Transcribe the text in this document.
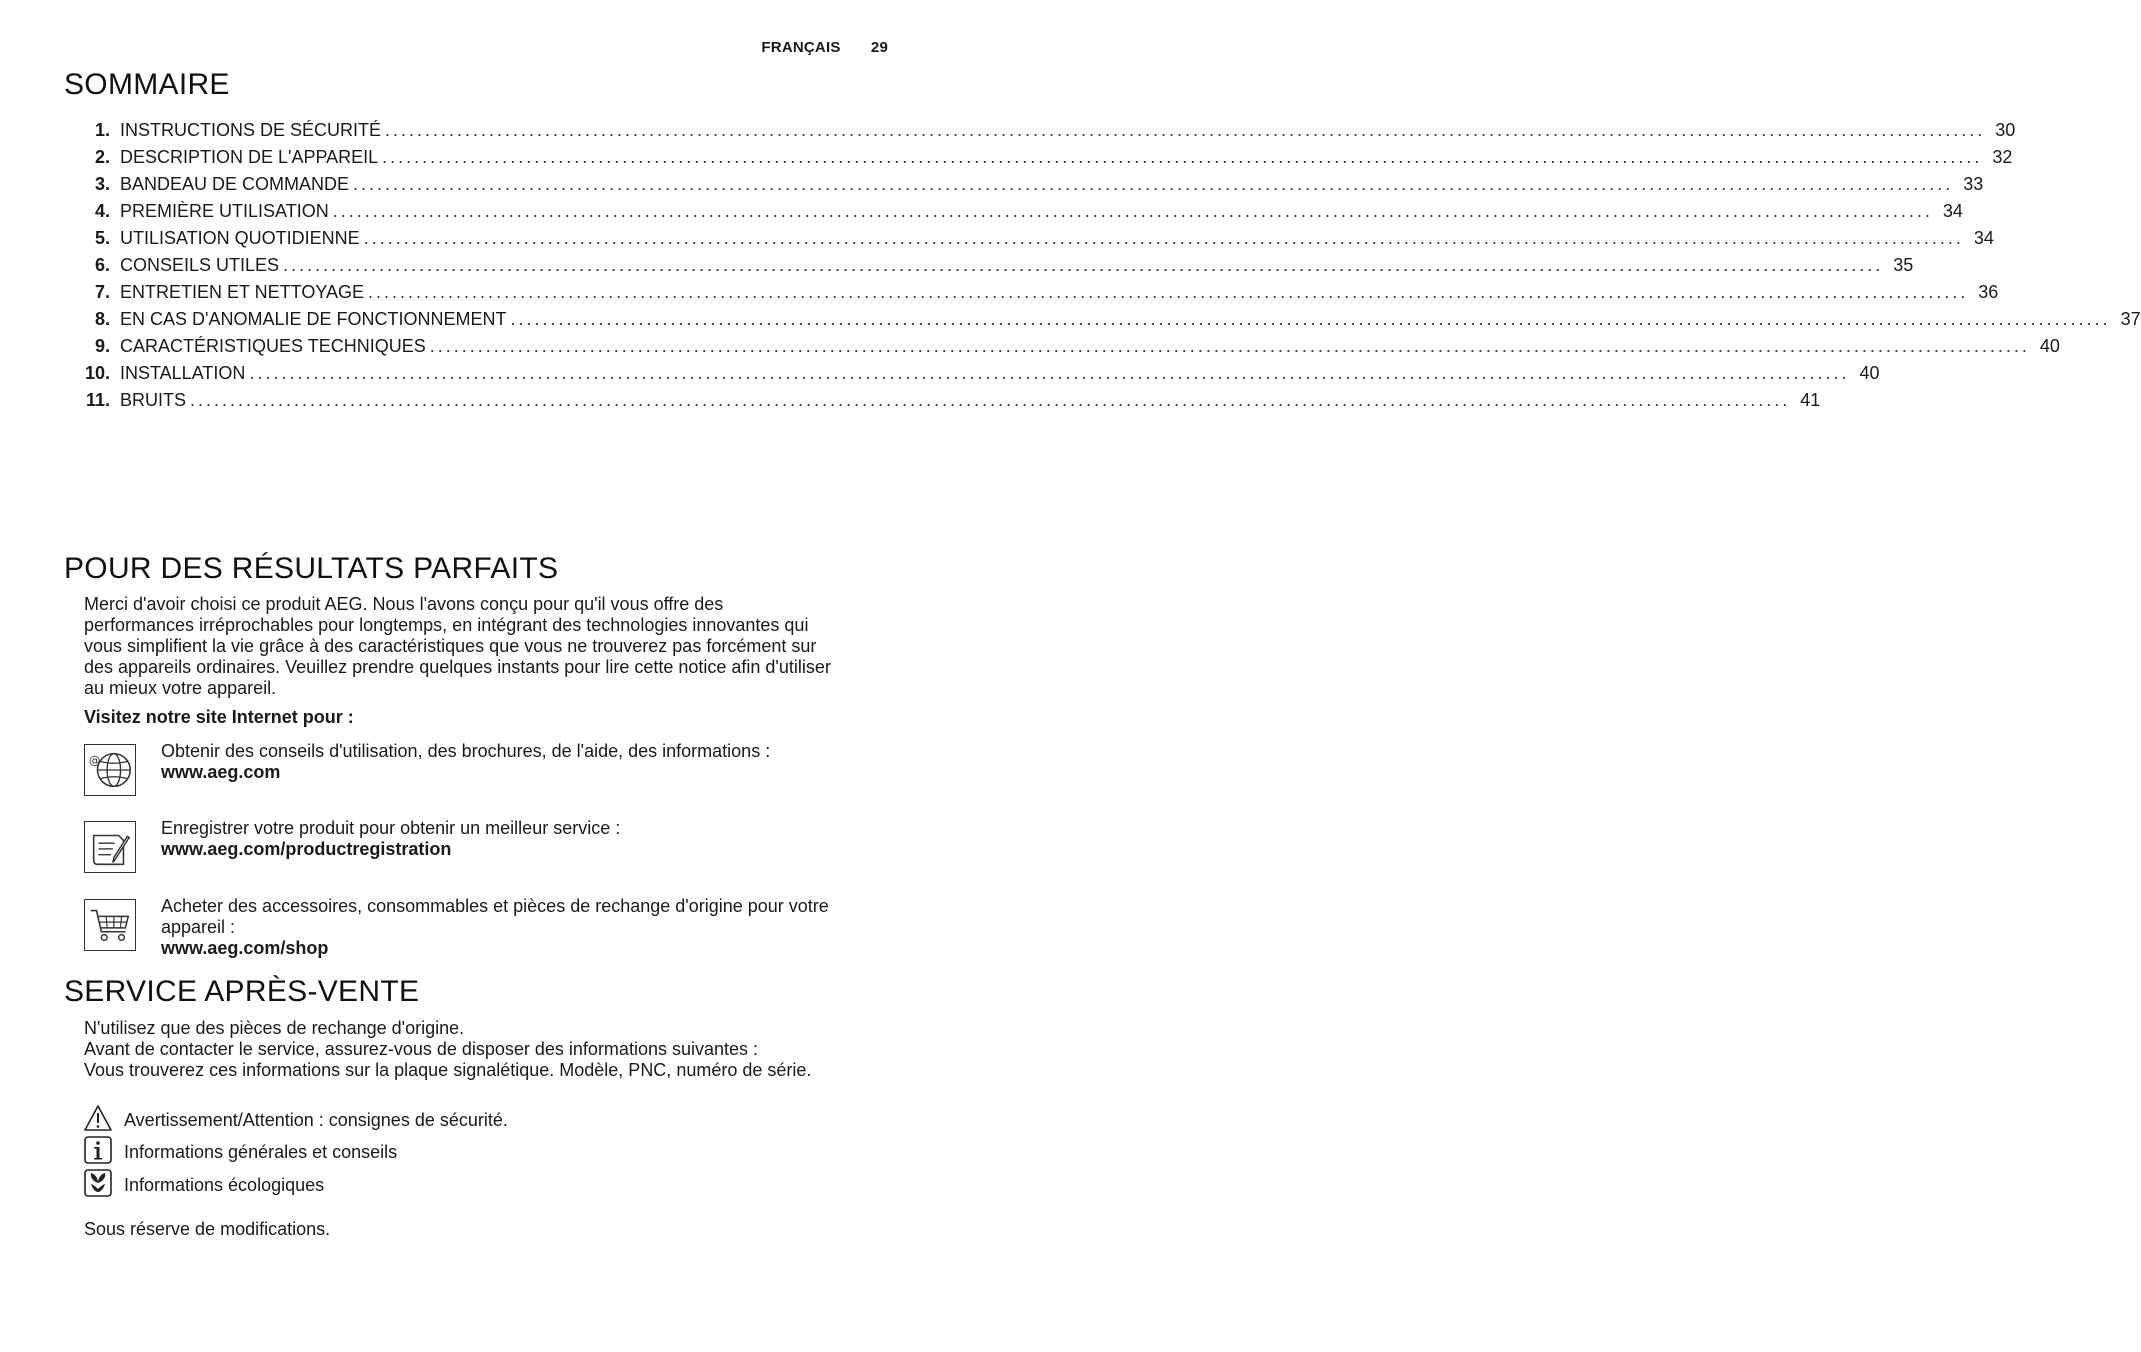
FRANÇAIS 29
SOMMAIRE
1. INSTRUCTIONS DE SÉCURITÉ ........................................................................................................................................................................................................ 30
2. DESCRIPTION DE L'APPAREIL ........................................................................................................................................................................................................ 32
3. BANDEAU DE COMMANDE ........................................................................................................................................................................................................ 33
4. PREMIÈRE UTILISATION ........................................................................................................................................................................................................ 34
5. UTILISATION QUOTIDIENNE ........................................................................................................................................................................................................ 34
6. CONSEILS UTILES ........................................................................................................................................................................................................ 35
7. ENTRETIEN ET NETTOYAGE ........................................................................................................................................................................................................ 36
8. EN CAS D'ANOMALIE DE FONCTIONNEMENT ........................................................................................................................................................................................................ 37
9. CARACTÉRISTIQUES TECHNIQUES ........................................................................................................................................................................................................ 40
10. INSTALLATION ........................................................................................................................................................................................................ 40
11. BRUITS ........................................................................................................................................................................................................ 41
POUR DES RÉSULTATS PARFAITS
Merci d'avoir choisi ce produit AEG. Nous l'avons conçu pour qu'il vous offre des
performances irréprochables pour longtemps, en intégrant des technologies innovantes qui
vous simplifient la vie grâce à des caractéristiques que vous ne trouverez pas forcément sur
des appareils ordinaires. Veuillez prendre quelques instants pour lire cette notice afin d'utiliser
au mieux votre appareil.
Visitez notre site Internet pour :
@	Obtenir des conseils d'utilisation, des brochures, de l'aide, des informations :
www.aeg.com
Enregistrer votre produit pour obtenir un meilleur service :
www.aeg.com/productregistration
Acheter des accessoires, consommables et pièces de rechange d'origine pour votre
appareil :
www.aeg.com/shop
SERVICE APRÈS-VENTE
N'utilisez que des pièces de rechange d'origine.
Avant de contacter le service, assurez-vous de disposer des informations suivantes :
Vous trouverez ces informations sur la plaque signalétique. Modèle, PNC, numéro de série.
Avertissement/Attention : consignes de sécurité.
Informations générales et conseils
Informations écologiques
Sous réserve de modifications.
